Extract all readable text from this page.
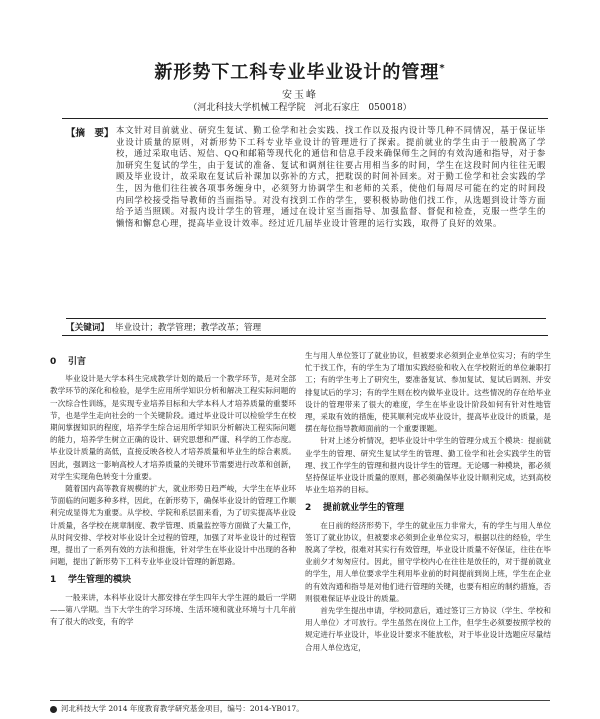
新形势下工科专业毕业设计的管理*
安玉峰
（河北科技大学机械工程学院　河北石家庄　050018）
【摘　要】 本文针对目前就业、研究生复试、勤工俭学和社会实践、找工作以及报内设计等几种不同情况，基于保证毕业设计质量的原则，对新形势下工科专业毕业设计的管理进行了探索。提前就业的学生由于一般脱离了学校，通过采取电话、短信、QQ和邮箱等现代化的通信和信息手段来确保师生之间的有效沟通和指导，对于参加研究生复试的学生，由于复试的准备、复试和调剂往往要占用相当多的时间，学生在这段时间内往往无暇顾及毕业设计，故采取在复试后补课加以弥补的方式，把耽误的时间补回来。对于勤工俭学和社会实践的学生，因为他们往往被各项事务缠身中，必须努力协调学生和老师的关系，使他们每周尽可能在约定的时间段内回学校接受指导教师的当面指导。对没有找到工作的学生，要积极协助他们找工作，从选题到设计等方面给予适当照顾。对报内设计学生的管理，通过在设计室当面指导、加强监督、督促和检查，克服一些学生的懒惰和懈怠心理，提高毕业设计效率。经过近几届毕业设计管理的运行实践，取得了良好的效果。
【关键词】 毕业设计；教学管理；教学改革；管理
0 引言

毕业设计是大学本科生完成教学计划的最后一个教学环节，是对全部教学环节的深化和检验，是学生应用所学知识分析和解决工程实际问题的一次综合性训练，是实现专业培养目标和大学本科人才培养质量的重要环节，也是学生走向社会的一个关键阶段。通过毕业设计可以检验学生在校期间掌握知识的程度，培养学生综合运用所学知识分析解决工程实际问题的能力，培养学生树立正确的设计、研究思想和严谨、科学的工作态度。毕业设计质量的高低，直接反映各校人才培养质量和毕业生的综合素质。因此，强调这一影响高校人才培养质量的关键环节需要进行改革和创新，对学生实现角色转变十分重要。

随着国内高等教育规模的扩大，就业形势日趋严峻，大学生在毕业环节面临的问题多种多样，因此，在新形势下，确保毕业设计的管理工作顺利完成显得尤为重要。从学校、学院和系层面来看，为了切实提高毕业设计质量，各学校在规章制度、教学管理、质量监控等方面做了大量工作，从时间安排、学校对毕业设计全过程的管理，加强了对毕业设计的过程管理，提出了一系列有效的方法和措施，针对学生在毕业设计中出现的各种问题，提出了新形势下工科专业毕业设计管理的新思路。

1 学生管理的模块

一般来讲，本科毕业设计大都安排在学生四年大学生涯的最后一学期——第八学期。当下大学生的学习环境、生活环境和就业环境与十几年前有了很大的改变，有的学

生与用人单位签订了就业协议，但被要求必须到企业单位实习；有的学生忙于找工作，有的学生为了增加实践经验和收入在学校附近的单位兼职打工；有的学生考上了研究生，要准备复试、参加复试、复试后调剂、并安排复试后的学习；有的学生则在校内做毕业设计。这些情况的存在给毕业设计的管理带来了很大的难度，学生在毕业设计阶段如何有针对性地管理，采取有效的措施，使其顺利完成毕业设计，提高毕业设计的质量，是摆在每位指导教师面前的一个重要课题。

针对上述分析情况，把毕业设计中学生的管理分成五个模块：提前就业学生的管理、研究生复试学生的管理、勤工俭学和社会实践学生的管理、找工作学生的管理和报内设计学生的管理。无论哪一种模块，都必须坚持保证毕业设计质量的原则，都必须确保毕业设计顺利完成，达到高校毕业生培养的目标。

2 提前就业学生的管理

在日前的经济形势下，学生的就业压力非常大，有的学生与用人单位签订了就业协议，但被要求必须到企业单位实习，根据以往的经验，学生脱离了学校，很难对其实行有效管理，毕业设计质量不好保证，往往在毕业前夕才匆匆应付。因此，留守学校内心在往往是放任的，对于提前就业的学生，用人单位要求学生利用毕业前的时间提前到岗上班，学生在企业的有效沟通和指导是对他们进行管理的关键，也要有相应的制约措施，否则很难保证毕业设计的质量。

首先学生提出申请，学校同意后，通过签订三方协议（学生、学校和用人单位）才可放行。学生虽然在岗位上工作，但学生必须要按照学校的规定进行毕业设计，毕业设计要求不能放松，对于毕业设计选题应尽量结合用人单位选定，

河北科技大学 2014 年度教育教学研究基金项目，编号：2014-YB017。
